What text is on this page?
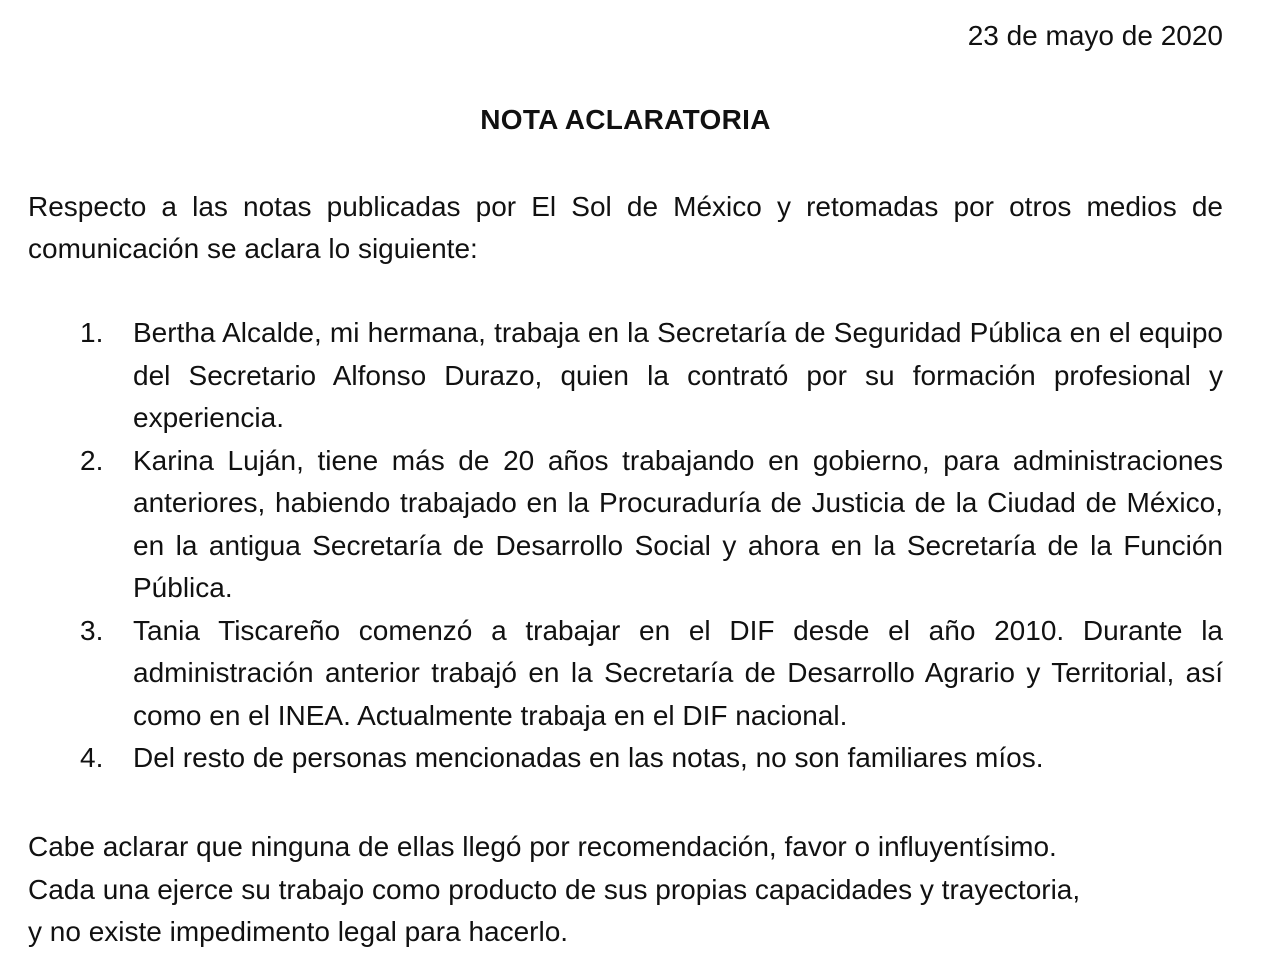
23 de mayo de 2020
NOTA ACLARATORIA

Respecto a las notas publicadas por El Sol de México y retomadas por otros medios de comunicación se aclara lo siguiente:

1. Bertha Alcalde, mi hermana, trabaja en la Secretaría de Seguridad Pública en el equipo del Secretario Alfonso Durazo, quien la contrató por su formación profesional y experiencia.
2. Karina Luján, tiene más de 20 años trabajando en gobierno, para administraciones anteriores, habiendo trabajado en la Procuraduría de Justicia de la Ciudad de México, en la antigua Secretaría de Desarrollo Social y ahora en la Secretaría de la Función Pública.
3. Tania Tiscareño comenzó a trabajar en el DIF desde el año 2010. Durante la administración anterior trabajó en la Secretaría de Desarrollo Agrario y Territorial, así como en el INEA. Actualmente trabaja en el DIF nacional.
4. Del resto de personas mencionadas en las notas, no son familiares míos.

Cabe aclarar que ninguna de ellas llegó por recomendación, favor o influyentísimo.
Cada una ejerce su trabajo como producto de sus propias capacidades y trayectoria,
y no existe impedimento legal para hacerlo.
